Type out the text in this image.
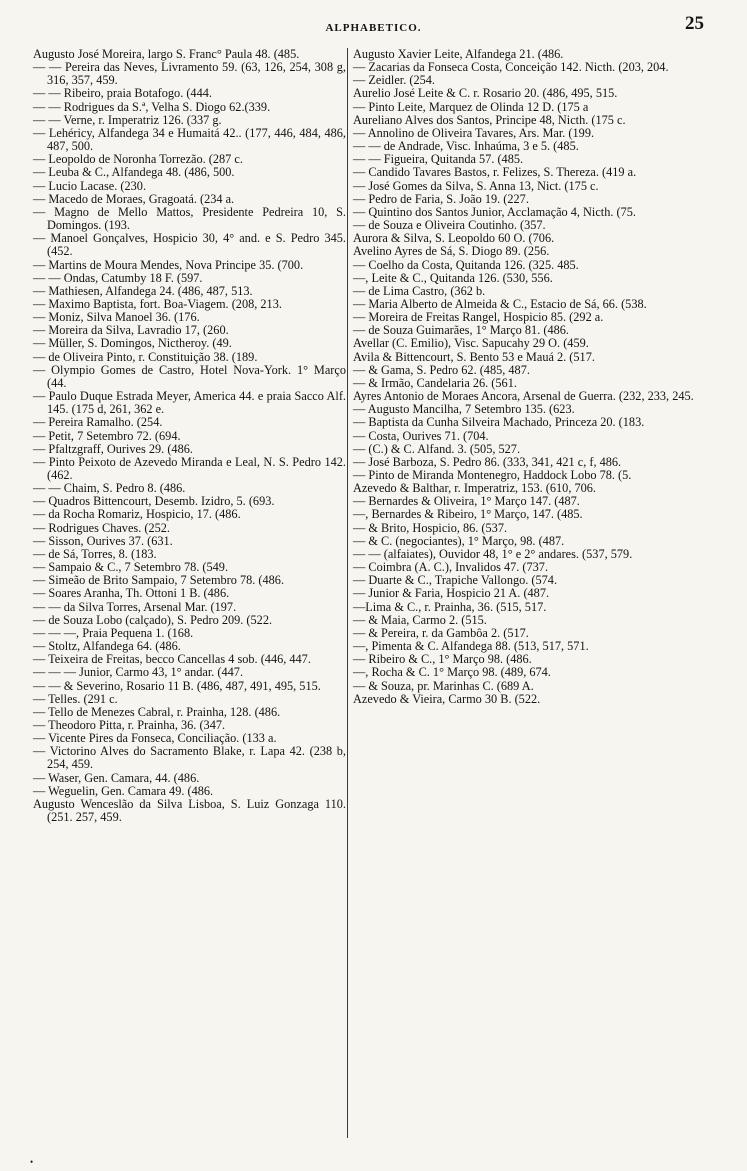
ALPHABETICO.	25
Augusto José Moreira, largo S. Franc° Paula 48. (485.
— — Pereira das Neves, Livramento 59. (63, 126, 254, 308 g, 316, 357, 459.
— — Ribeiro, praia Botafogo. (444.
— — Rodrigues da S.ª, Velha S. Diogo 62.(339.
— — Verne, r. Imperatriz 126. (337 g.
— Lehéricy, Alfandega 34 e Humaitá 42.. (177, 446, 484, 486, 487, 500.
— Leopoldo de Noronha Torrezão. (287 c.
— Leuba & C., Alfandega 48. (486, 500.
— Lucio Lacase. (230.
— Macedo de Moraes, Gragoatá. (234 a.
— Magno de Mello Mattos, Presidente Pedreira 10, S. Domingos. (193.
— Manoel Gonçalves, Hospicio 30, 4° and. e S. Pedro 345. (452.
— Martins de Moura Mendes, Nova Principe 35. (700.
— — Ondas, Catumby 18 F. (597.
— Mathiesen, Alfandega 24. (486, 487, 513.
— Maximo Baptista, fort. Boa-Viagem. (208, 213.
— Moniz, Silva Manoel 36. (176.
— Moreira da Silva, Lavradio 17, (260.
— Müller, S. Domingos, Nictheroy. (49.
— de Oliveira Pinto, r. Constituição 38. (189.
— Olympio Gomes de Castro, Hotel Nova-York. 1° Março (44.
— Paulo Duque Estrada Meyer, America 44. e praia Sacco Alf. 145. (175 d, 261, 362 e.
— Pereira Ramalho. (254.
— Petit, 7 Setembro 72. (694.
— Pfaltzgraff, Ourives 29. (486.
— Pinto Peixoto de Azevedo Miranda e Leal, N. S. Pedro 142. (462.
— — Chaim, S. Pedro 8. (486.
— Quadros Bittencourt, Desemb. Izidro, 5. (693.
— da Rocha Romariz, Hospicio, 17. (486.
— Rodrigues Chaves. (252.
— Sisson, Ourives 37. (631.
— de Sá, Torres, 8. (183.
— Sampaio & C., 7 Setembro 78. (549.
— Simeão de Brito Sampaio, 7 Setembro 78. (486.
— Soares Aranha, Th. Ottoni 1 B. (486.
— — da Silva Torres, Arsenal Mar. (197.
— de Souza Lobo (calçado), S. Pedro 209. (522.
— — —, Praia Pequena 1. (168.
— Stoltz, Alfandega 64. (486.
— Teixeira de Freitas, becco Cancellas 4 sob. (446, 447.
— — — Junior, Carmo 43, 1° andar. (447.
— — & Severino, Rosario 11 B. (486, 487, 491, 495, 515.
— Telles. (291 c.
— Tello de Menezes Cabral, r. Prainha, 128. (486.
— Theodoro Pitta, r. Prainha, 36. (347.
— Vicente Pires da Fonseca, Conciliação. (133 a.
— Victorino Alves do Sacramento Blake, r. Lapa 42. (238 b, 254, 459.
— Waser, Gen. Camara, 44. (486.
— Weguelin, Gen. Camara 49. (486.
Augusto Wenceslão da Silva Lisboa, S. Luiz Gonzaga 110. (251. 257, 459.
Augusto Xavier Leite, Alfandega 21. (486.
— Zacarias da Fonseca Costa, Conceição 142. Nicth. (203, 204.
— Zeidler. (254.
Aurelio José Leite & C. r. Rosario 20. (486, 495, 515.
— Pinto Leite, Marquez de Olinda 12 D. (175 a
Aureliano Alves dos Santos, Principe 48, Nicth. (175 c.
— Annolino de Oliveira Tavares, Ars. Mar. (199.
— — de Andrade, Visc. Inhaúma, 3 e 5. (485.
— — Figueira, Quitanda 57. (485.
— Candido Tavares Bastos, r. Felizes, S. Thereza. (419 a.
— José Gomes da Silva, S. Anna 13, Nict. (175 c.
— Pedro de Faria, S. João 19. (227.
— Quintino dos Santos Junior, Acclamação 4, Nicth. (75.
— de Souza e Oliveira Coutinho. (357.
Aurora & Silva, S. Leopoldo 60 O. (706.
Avelino Ayres de Sá, S. Diogo 89. (256.
— Coelho da Costa, Quitanda 126. (325. 485.
—, Leite & C., Quitanda 126. (530, 556.
— de Lima Castro, (362 b.
— Maria Alberto de Almeida & C., Estacio de Sá, 66. (538.
— Moreira de Freitas Rangel, Hospicio 85. (292 a.
— de Souza Guimarães, 1° Março 81. (486.
Avellar (C. Emilio), Visc. Sapucahy 29 O. (459.
Avila & Bittencourt, S. Bento 53 e Mauá 2. (517.
— & Gama, S. Pedro 62. (485, 487.
— & Irmão, Candelaria 26. (561.
Ayres Antonio de Moraes Ancora, Arsenal de Guerra. (232, 233, 245.
— Augusto Mancilha, 7 Setembro 135. (623.
— Baptista da Cunha Silveira Machado, Princeza 20. (183.
— Costa, Ourives 71. (704.
— (C.) & C. Alfand. 3. (505, 527.
— José Barboza, S. Pedro 86. (333, 341, 421 c, f, 486.
— Pinto de Miranda Montenegro, Haddock Lobo 78. (5.
Azevedo & Balthar, r. Imperatriz, 153. (610, 706.
— Bernardes & Oliveira, 1° Março 147. (487.
—, Bernardes & Ribeiro, 1° Março, 147. (485.
— & Brito, Hospicio, 86. (537.
— & C. (negociantes), 1° Março, 98. (487.
— — (alfaiates), Ouvidor 48, 1° e 2° andares. (537, 579.
— Coimbra (A. C.), Invalidos 47. (737.
— Duarte & C., Trapiche Vallongo. (574.
— Junior & Faria, Hospicio 21 A. (487.
—Lima & C., r. Prainha, 36. (515, 517.
— & Maia, Carmo 2. (515.
— & Pereira, r. da Gambôa 2. (517.
—, Pimenta & C. Alfandega 88. (513, 517, 571.
— Ribeiro & C., 1° Março 98. (486.
—, Rocha & C. 1° Março 98. (489, 674.
— & Souza, pr. Marinhas C. (689 A.
Azevedo & Vieira, Carmo 30 B. (522.
•
